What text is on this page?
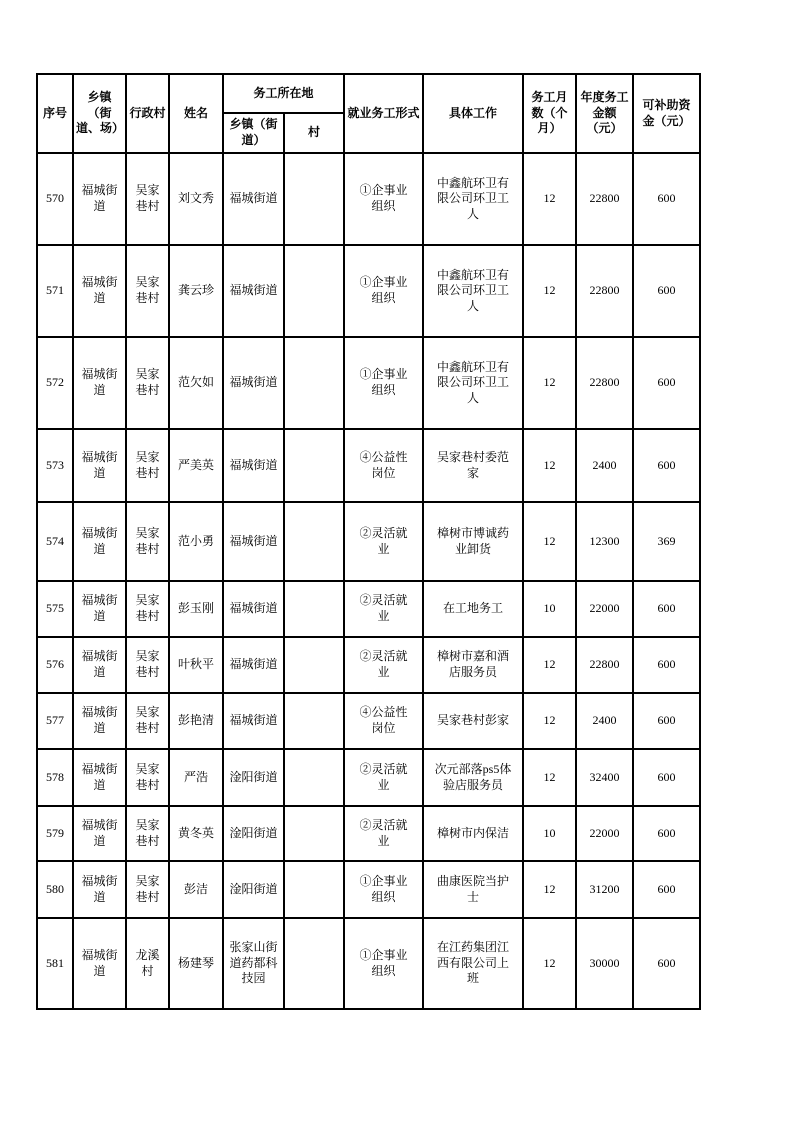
序号	乡镇（街道、场）	行政村	姓名	务工所在地		就业务工形式	具体工作	务工月数（个月）	年度务工金额（元）	可补助资金（元）
				乡镇（街道）	村					
570	福城街道	吴家巷村	刘文秀	福城街道		①企事业组织	中鑫航环卫有限公司环卫工人	12	22800	600
571	福城街道	吴家巷村	龚云珍	福城街道		①企事业组织	中鑫航环卫有限公司环卫工人	12	22800	600
572	福城街道	吴家巷村	范欠如	福城街道		①企事业组织	中鑫航环卫有限公司环卫工人	12	22800	600
573	福城街道	吴家巷村	严美英	福城街道		④公益性岗位	吴家巷村委范家	12	2400	600
574	福城街道	吴家巷村	范小勇	福城街道		②灵活就业	樟树市博诚药业卸货	12	12300	369
575	福城街道	吴家巷村	彭玉刚	福城街道		②灵活就业	在工地务工	10	22000	600
576	福城街道	吴家巷村	叶秋平	福城街道		②灵活就业	樟树市嘉和酒店服务员	12	22800	600
577	福城街道	吴家巷村	彭艳清	福城街道		④公益性岗位	吴家巷村彭家	12	2400	600
578	福城街道	吴家巷村	严浩	淦阳街道		②灵活就业	次元部落ps5体验店服务员	12	32400	600
579	福城街道	吴家巷村	黄冬英	淦阳街道		②灵活就业	樟树市内保洁	10	22000	600
580	福城街道	吴家巷村	彭洁	淦阳街道		①企事业组织	曲康医院当护士	12	31200	600
581	福城街道	龙溪村	杨建琴	张家山街道药都科技园		①企事业组织	在江药集团江西有限公司上班	12	30000	600
